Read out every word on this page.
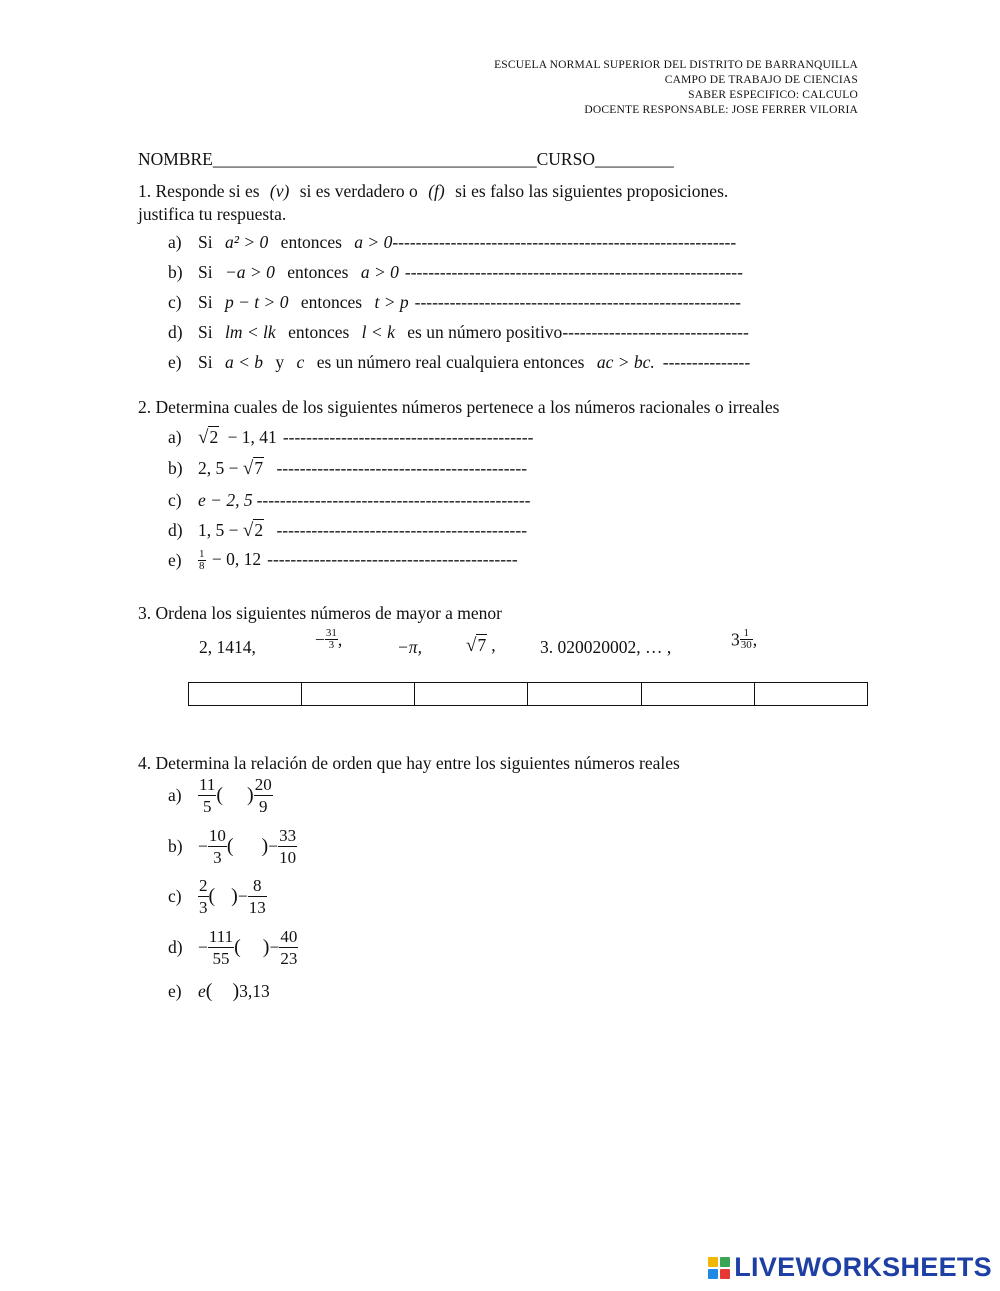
ESCUELA NORMAL SUPERIOR DEL DISTRITO DE BARRANQUILLA
CAMPO DE TRABAJO DE CIENCIAS
SABER ESPECIFICO: CALCULO
DOCENTE RESPONSABLE: JOSE FERRER VILORIA
NOMBRE_____________________________________CURSO_________
1. Responde si es (v) si es verdadero o (f) si es falso las siguientes proposiciones.
justifica tu respuesta.
a) Si a² > 0 entonces a > 0-----------------------------------------------------------
b) Si −a > 0 entonces a > 0 ----------------------------------------------------------
c) Si p − t > 0 entonces t > p --------------------------------------------------------
d) Si lm < lk entonces l < k es un número positivo--------------------------------
e) Si a < b y c es un número real cualquiera entonces ac > bc. ---------------
2. Determina cuales de los siguientes números pertenece a los números racionales o irreales
a) √2 − 1, 41 -------------------------------------------
b) 2, 5 − √7 -------------------------------------------
c) e − 2, 5 -----------------------------------------------
d) 1, 5 − √2 -------------------------------------------
$e) \frac{1}{8} - 0$, 12 -------------------------------------------
3. Ordena los siguientes números de mayor a menor
2, 1414,	− $\frac{31}{3}$ ,	−π, √7 ,	3. 020020002, … ,	$3 \frac{1}{30}$ ,

4. Determina la relación de orden que hay entre los siguientes números reales
$a) \frac{11}{5}$ ( ) $\frac{20}{9}$
$b) - \frac{10}{3}$ ( )− $\frac{33}{10}$
$c) \frac{2}{3}$ ( )− $\frac{8}{13}$
$d) - \frac{111}{55}$ ( )− $\frac{40}{23}$
e) e( )3,13
LIVEWORKSHEETS
